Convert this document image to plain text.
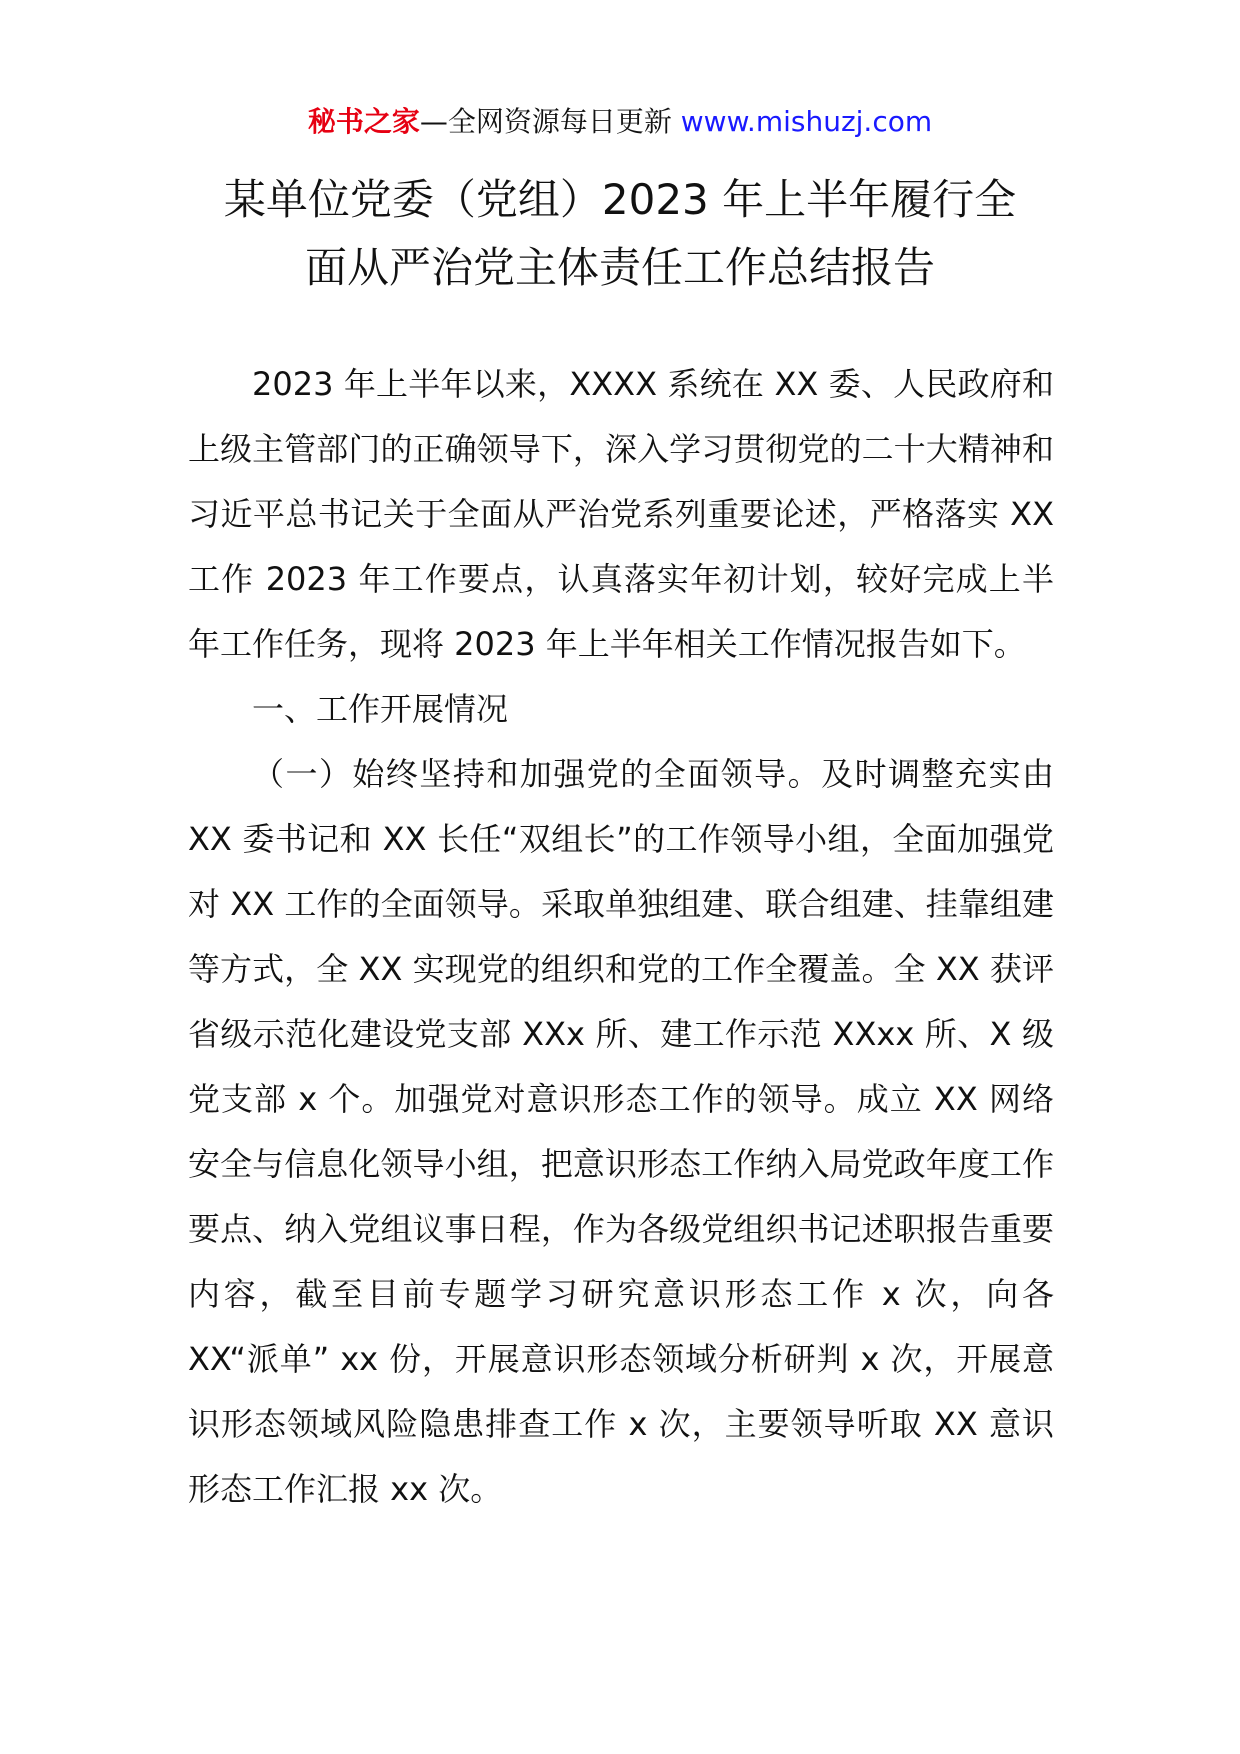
秘书之家—全网资源每日更新 www.mishuzj.com
某单位党委（党组）2023 年上半年履行全
面从严治党主体责任工作总结报告

2023 年上半年以来，XXXX 系统在 XX 委、人民政府和上级主管部门的正确领导下，深入学习贯彻党的二十大精神和习近平总书记关于全面从严治党系列重要论述，严格落实 XX 工作 2023 年工作要点，认真落实年初计划，较好完成上半年工作任务，现将 2023 年上半年相关工作情况报告如下。

一、工作开展情况

（一）始终坚持和加强党的全面领导。及时调整充实由 XX 委书记和 XX 长任“双组长”的工作领导小组，全面加强党对 XX 工作的全面领导。采取单独组建、联合组建、挂靠组建等方式，全 XX 实现党的组织和党的工作全覆盖。全 XX 获评省级示范化建设党支部 XXx 所、建工作示范 XXxx 所、X 级党支部 x 个。加强党对意识形态工作的领导。成立 XX 网络安全与信息化领导小组，把意识形态工作纳入局党政年度工作要点、纳入党组议事日程，作为各级党组织书记述职报告重要内容，截至目前专题学习研究意识形态工作 x 次，向各 XX“派单” xx 份，开展意识形态领域分析研判 x 次，开展意识形态领域风险隐患排查工作 x 次，主要领导听取 XX 意识形态工作汇报 xx 次。
